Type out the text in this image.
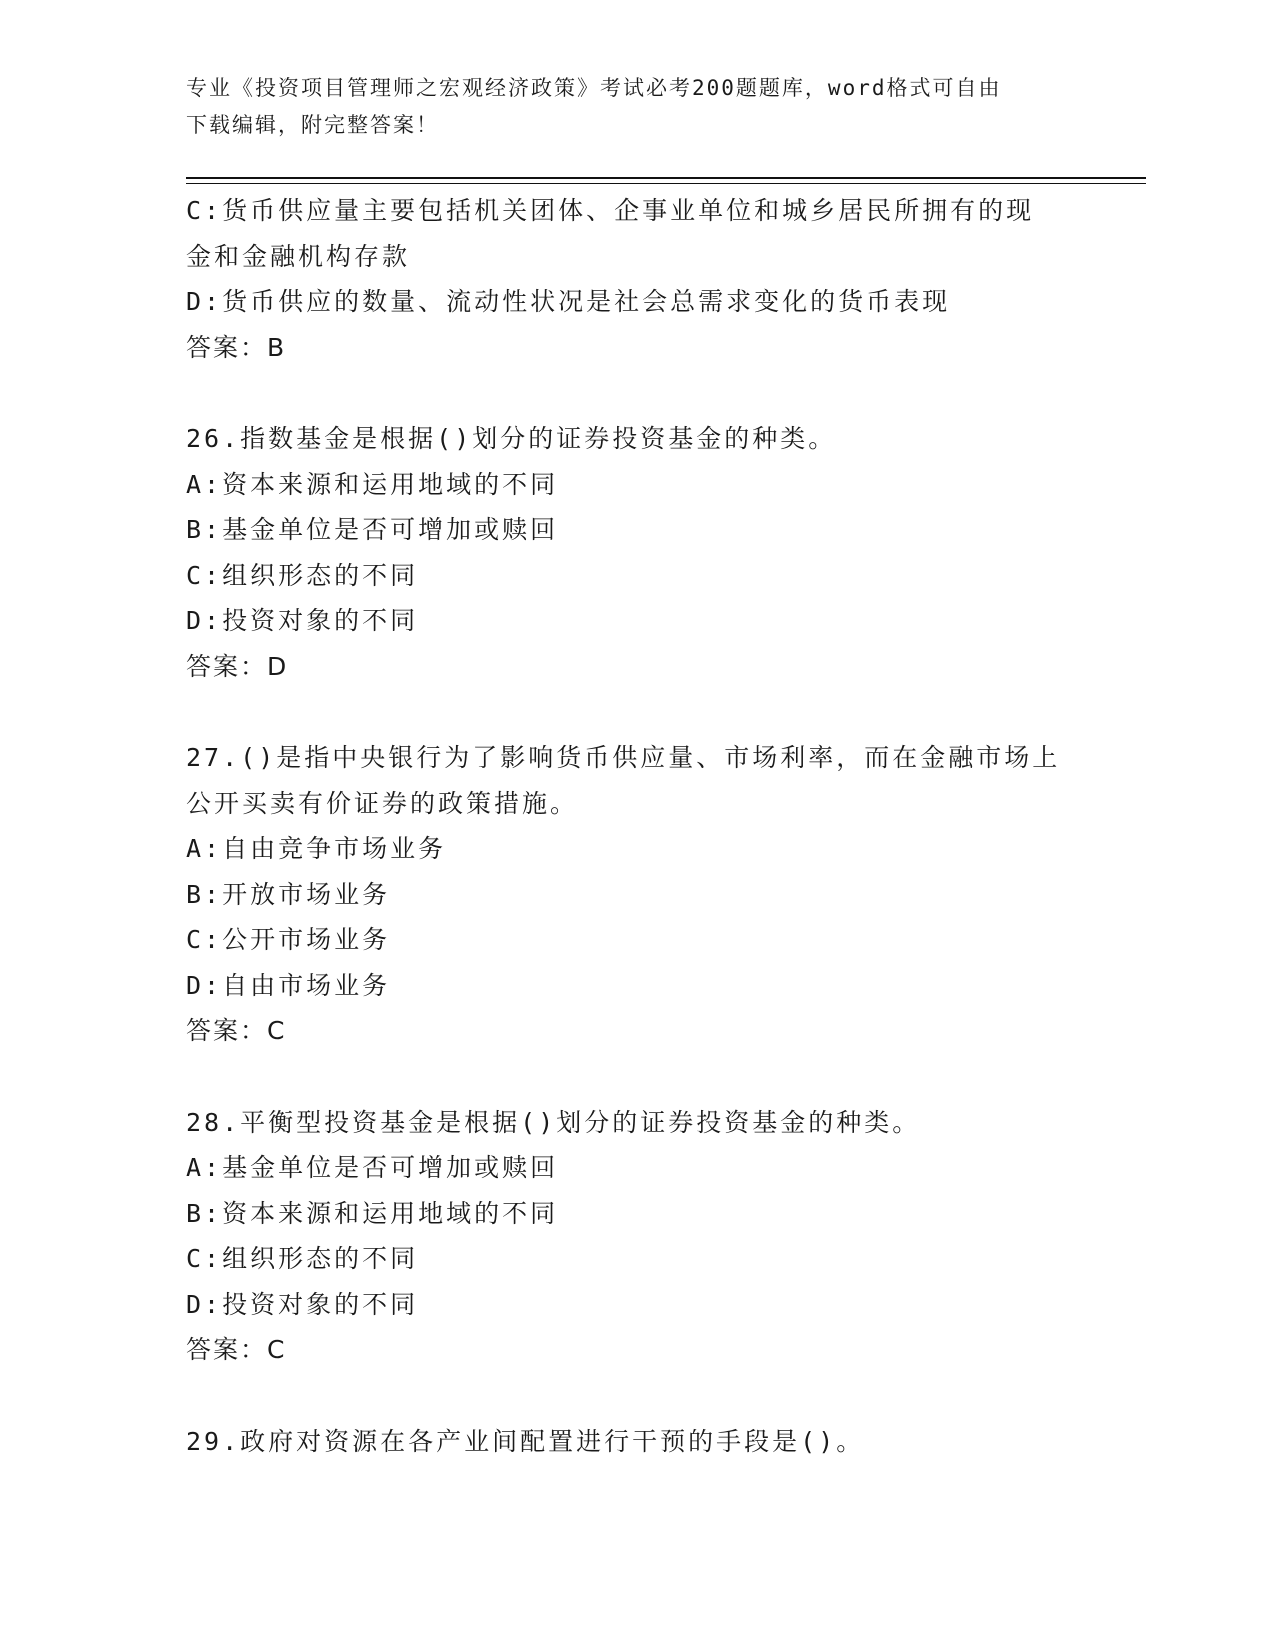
专业《投资项目管理师之宏观经济政策》考试必考200题题库，word格式可自由
下载编辑，附完整答案！
C:货币供应量主要包括机关团体、企事业单位和城乡居民所拥有的现
金和金融机构存款
D:货币供应的数量、流动性状况是社会总需求变化的货币表现
答案：B
26.指数基金是根据()划分的证券投资基金的种类。
A:资本来源和运用地域的不同
B:基金单位是否可增加或赎回
C:组织形态的不同
D:投资对象的不同
答案：D
27.()是指中央银行为了影响货币供应量、市场利率，而在金融市场上
公开买卖有价证券的政策措施。
A:自由竞争市场业务
B:开放市场业务
C:公开市场业务
D:自由市场业务
答案：C
28.平衡型投资基金是根据()划分的证券投资基金的种类。
A:基金单位是否可增加或赎回
B:资本来源和运用地域的不同
C:组织形态的不同
D:投资对象的不同
答案：C
29.政府对资源在各产业间配置进行干预的手段是()。
